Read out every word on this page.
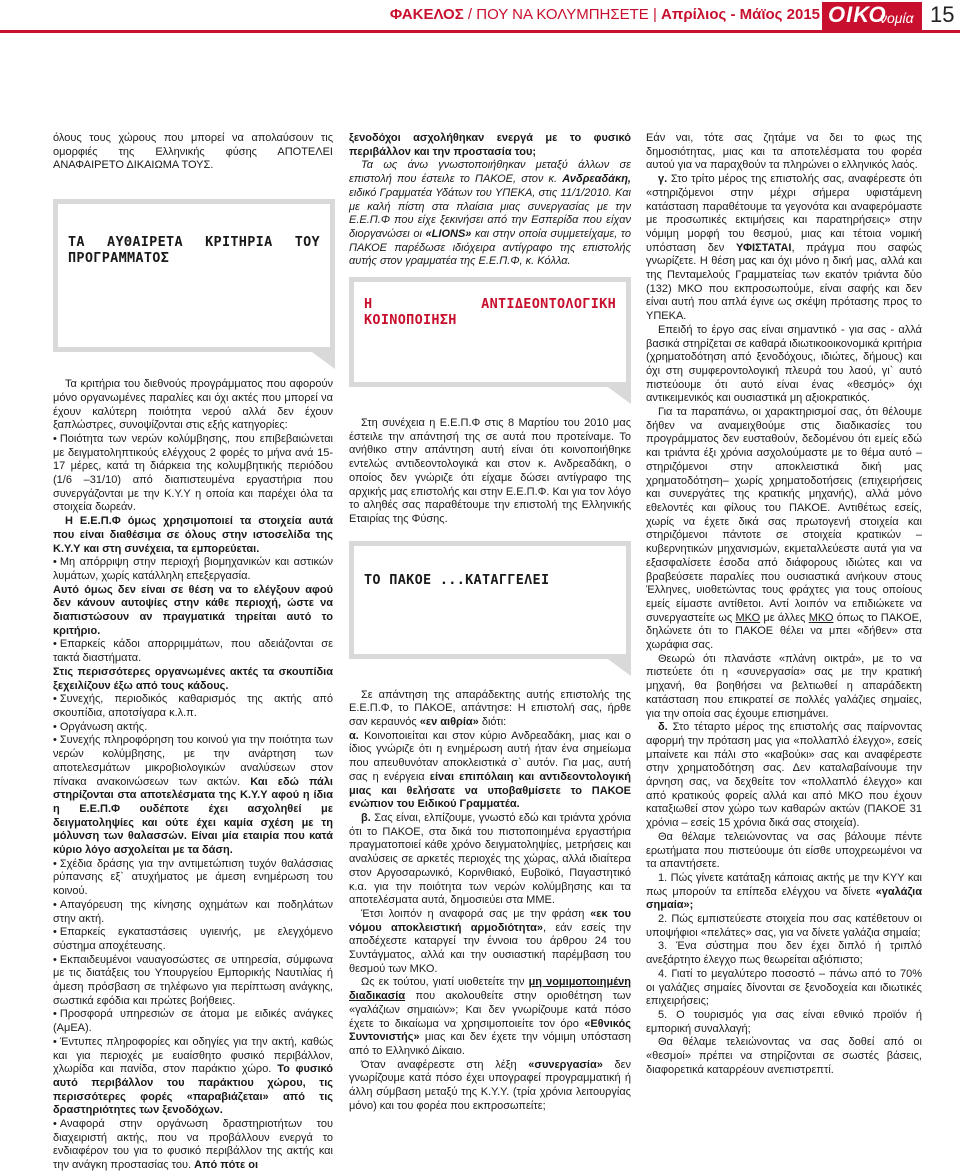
ΦΑΚΕΛΟΣ / ΠΟΥ ΝΑ ΚΟΛΥΜΠΗΣΕΤΕ | Απρίλιος - Μάϊος 2015 ΟΙΚΟ
νομία 15

όλους τους χώρους που μπορεί να απολαύσουν τις ομορφιές της Ελληνικής φύσης ΑΠΟΤΕΛΕΙ ΑΝΑΦΑΙΡΕΤΟ ΔΙΚΑΙΩΜΑ ΤΟΥΣ.

ΤΑ ΑΥΘΑΙΡΕΤΑ ΚΡΙΤΗΡΙΑ ΤΟΥ ΠΡΟΓΡΑΜΜΑΤΟΣ

Τα κριτήρια του διεθνούς προγράμματος που αφορούν μόνο οργανωμένες παραλίες και όχι ακτές που μπορεί να έχουν καλύτερη ποιότητα νερού αλλά δεν έχουν ξαπλώστρες, συνοψίζονται στις εξής κατηγορίες:

• Ποιότητα των νερών κολύμβησης, που επιβεβαιώνεται με δειγματοληπτικούς ελέγχους 2 φορές το μήνα ανά 15-17 μέρες, κατά τη διάρκεια της κολυμβητικής περιόδου (1/6 –31/10) από διαπιστευμένα εργαστήρια που συνεργάζονται με την Κ.Υ.Υ η οποία και παρέχει όλα τα στοιχεία δωρεάν.

Η Ε.Ε.Π.Φ όμως χρησιμοποιεί τα στοιχεία αυτά που είναι διαθέσιμα σε όλους στην ιστοσελίδα της Κ.Υ.Υ και στη συνέχεια, τα εμπορεύεται.

• Μη απόρριψη στην περιοχή βιομηχανικών και αστικών λυμάτων, χωρίς κατάλληλη επεξεργασία.

Αυτό όμως δεν είναι σε θέση να το ελέγξουν αφού δεν κάνουν αυτοψίες στην κάθε περιοχή, ώστε να διαπιστώσουν αν πραγματικά τηρείται αυτό το κριτήριο.

• Επαρκείς κάδοι απορριμμάτων, που αδειάζονται σε τακτά διαστήματα.

Στις περισσότερες οργανωμένες ακτές τα σκουπίδια ξεχειλίζουν έξω από τους κάδους.

• Συνεχής, περιοδικός καθαρισμός της ακτής από σκουπίδια, αποτσίγαρα κ.λ.π.

• Οργάνωση ακτής.

• Συνεχής πληροφόρηση του κοινού για την ποιότητα των νερών κολύμβησης, με την ανάρτηση των αποτελεσμάτων μικροβιολογικών αναλύσεων στον πίνακα ανακοινώσεων των ακτών. Και εδώ πάλι στηρίζονται στα αποτελέσματα της Κ.Υ.Υ αφού η ίδια η Ε.Ε.Π.Φ ουδέποτε έχει ασχοληθεί με δειγματοληψίες και ούτε έχει καμία σχέση με τη μόλυνση των θαλασσών. Είναι μία εταιρία που κατά κύριο λόγο ασχολείται με τα δάση.

• Σχέδια δράσης για την αντιμετώπιση τυχόν θαλάσσιας ρύπανσης εξ` ατυχήματος με άμεση ενημέρωση του κοινού.

• Απαγόρευση της κίνησης οχημάτων και ποδηλάτων στην ακτή.

• Επαρκείς εγκαταστάσεις υγιεινής, με ελεγχόμενο σύστημα αποχέτευσης.

• Εκπαιδευμένοι ναυαγοσώστες σε υπηρεσία, σύμφωνα με τις διατάξεις του Υπουργείου Εμπορικής Ναυτιλίας ή άμεση πρόσβαση σε τηλέφωνο για περίπτωση ανάγκης, σωστικά εφόδια και πρώτες βοήθειες.

• Προσφορά υπηρεσιών σε άτομα με ειδικές ανάγκες (ΑμΕΑ).

• Έντυπες πληροφορίες και οδηγίες για την ακτή, καθώς και για περιοχές με ευαίσθητο φυσικό περιβάλλον, χλωρίδα και πανίδα, στον παράκτιο χώρο. Το φυσικό αυτό περιβάλλον του παράκτιου χώρου, τις περισσότερες φορές «παραβιάζεται» από τις δραστηριότητες των ξενοδόχων.

• Αναφορά στην οργάνωση δραστηριοτήτων του διαχειριστή ακτής, που να προβάλλουν ενεργά το ενδιαφέρον του για το φυσικό περιβάλλον της ακτής και την ανάγκη προστασίας του. Από πότε οι

ξενοδόχοι ασχολήθηκαν ενεργά με το φυσικό περιβάλλον και την προστασία του;

Τα ως άνω γνωστοποιήθηκαν μεταξύ άλλων σε επιστολή που έστειλε το ΠΑΚΟΕ, στον κ. Ανδρεαδάκη, ειδικό Γραμματέα Υδάτων του ΥΠΕΚΑ, στις 11/1/2010. Και με καλή πίστη στα πλαίσια μιας συνεργασίας με την Ε.Ε.Π.Φ που είχε ξεκινήσει από την Εσπερίδα που είχαν διοργανώσει οι «LIONS» και στην οποία συμμετείχαμε, το ΠΑΚΟΕ παρέδωσε ιδιόχειρα αντίγραφο της επιστολής αυτής στον γραμματέα της Ε.Ε.Π.Φ, κ. Κόλλα.

Η ΑΝΤΙΔΕΟΝΤΟΛΟΓΙΚΗ ΚΟΙΝΟΠΟΙΗΣΗ

Στη συνέχεια η Ε.Ε.Π.Φ στις 8 Μαρτίου του 2010 μας έστειλε την απάντησή της σε αυτά που προτείναμε. Το ανήθικο στην απάντηση αυτή είναι ότι κοινοποιήθηκε εντελώς αντιδεοντολογικά και στον κ. Ανδρεαδάκη, ο οποίος δεν γνώριζε ότι είχαμε δώσει αντίγραφο της αρχικής μας επιστολής και στην Ε.Ε.Π.Φ. Και για τον λόγο το αληθές σας παραθέτουμε την επιστολή της Ελληνικής Εταιρίας της Φύσης.

ΤΟ ΠΑΚΟΕ ...ΚΑΤΑΓΓΕΛΕΙ

Σε απάντηση της απαράδεκτης αυτής επιστολής της Ε.Ε.Π.Φ, το ΠΑΚΟΕ, απάντησε: Η επιστολή σας, ήρθε σαν κεραυνός «εν αιθρία» διότι:

α. Κοινοποιείται και στον κύριο Ανδρεαδάκη, μιας και ο ίδιος γνώριζε ότι η ενημέρωση αυτή ήταν ένα σημείωμα που απευθυνόταν αποκλειστικά σ` αυτόν. Για μας, αυτή σας η ενέργεια είναι επιπόλαιη και αντιδεοντολογική μιας και θελήσατε να υποβαθμίσετε το ΠΑΚΟΕ ενώπιον του Ειδικού Γραμματέα.

β. Σας είναι, ελπίζουμε, γνωστό εδώ και τριάντα χρόνια ότι το ΠΑΚΟΕ, στα δικά του πιστοποιημένα εργαστήρια πραγματοποιεί κάθε χρόνο δειγματοληψίες, μετρήσεις και αναλύσεις σε αρκετές περιοχές της χώρας, αλλά ιδιαίτερα στον Αργοσαρωνικό, Κορινθιακό, Ευβοϊκό, Παγαστητικό κ.α. για την ποιότητα των νερών κολύμβησης και τα αποτελέσματα αυτά, δημοσιεύει στα ΜΜΕ.

Έτσι λοιπόν η αναφορά σας με την φράση «εκ του νόμου αποκλειστική αρμοδιότητα», εάν εσείς την αποδέχεστε καταργεί την έννοια του άρθρου 24 του Συντάγματος, αλλά και την ουσιαστική παρέμβαση του θεσμού των ΜΚΟ.

Ως εκ τούτου, γιατί υιοθετείτε την μη νομιμοποιημένη διαδικασία που ακολουθείτε στην οριοθέτηση των «γαλάζιων σημαιών»; Και δεν γνωρίζουμε κατά πόσο έχετε το δικαίωμα να χρησιμοποιείτε τον όρο «Εθνικός Συντονιστής» μιας και δεν έχετε την νόμιμη υπόσταση από το Ελληνικό Δίκαιο.

Όταν αναφέρεστε στη λέξη «συνεργασία» δεν γνωρίζουμε κατά πόσο έχει υπογραφεί προγραμματική ή άλλη σύμβαση μεταξύ της Κ.Υ.Υ. (τρία χρόνια λειτουργίας μόνο) και του φορέα που εκπροσωπείτε;

Εάν ναι, τότε σας ζητάμε να δει το φως της δημοσιότητας, μιας και τα αποτελέσματα του φορέα αυτού για να παραχθούν τα πληρώνει ο ελληνικός λαός.

γ. Στο τρίτο μέρος της επιστολής σας, αναφέρεστε ότι «στηριζόμενοι στην μέχρι σήμερα υφιστάμενη κατάσταση παραθέτουμε τα γεγονότα και αναφερόμαστε με προσωπικές εκτιμήσεις και παρατηρήσεις» στην νόμιμη μορφή του θεσμού, μιας και τέτοια νομική υπόσταση δεν ΥΦΙΣΤΑΤΑΙ, πράγμα που σαφώς γνωρίζετε. Η θέση μας και όχι μόνο η δική μας, αλλά και της Πενταμελούς Γραμματείας των εκατόν τριάντα δύο (132) ΜΚΟ που εκπροσωπούμε, είναι σαφής και δεν είναι αυτή που απλά έγινε ως σκέψη πρότασης προς το ΥΠΕΚΑ.

Επειδή το έργο σας είναι σημαντικό - για σας - αλλά βασικά στηρίζεται σε καθαρά ιδιωτικοοικονομικά κριτήρια (χρηματοδότηση από ξενοδόχους, ιδιώτες, δήμους) και όχι στη συμφεροντολογική πλευρά του λαού, γι` αυτό πιστεύουμε ότι αυτό είναι ένας «θεσμός» όχι αντικειμενικός και ουσιαστικά μη αξιοκρατικός.

Για τα παραπάνω, οι χαρακτηρισμοί σας, ότι θέλουμε δήθεν να αναμειχθούμε στις διαδικασίες του προγράμματος δεν ευσταθούν, δεδομένου ότι εμείς εδώ και τριάντα έξι χρόνια ασχολούμαστε με το θέμα αυτό –στηριζόμενοι στην αποκλειστικά δική μας χρηματοδότηση– χωρίς χρηματοδοτήσεις (επιχειρήσεις και συνεργάτες της κρατικής μηχανής), αλλά μόνο εθελοντές και φίλους του ΠΑΚΟΕ. Αντιθέτως εσείς, χωρίς να έχετε δικά σας πρωτογενή στοιχεία και στηριζόμενοι πάντοτε σε στοιχεία κρατικών – κυβερνητικών μηχανισμών, εκμεταλλεύεστε αυτά για να εξασφαλίσετε έσοδα από διάφορους ιδιώτες και να βραβεύσετε παραλίες που ουσιαστικά ανήκουν στους Έλληνες, υιοθετώντας τους φράχτες για τους οποίους εμείς είμαστε αντίθετοι. Αντί λοιπόν να επιδιώκετε να συνεργαστείτε ως ΜΚΟ με άλλες ΜΚΟ όπως το ΠΑΚΟΕ, δηλώνετε ότι το ΠΑΚΟΕ θέλει να μπει «δήθεν» στα χωράφια σας.

Θεωρώ ότι πλανάστε «πλάνη οικτρά», με το να πιστεύετε ότι η «συνεργασία» σας με την κρατική μηχανή, θα βοηθήσει να βελτιωθεί η απαράδεκτη κατάσταση που επικρατεί σε πολλές γαλάζιες σημαίες, για την οποία σας έχουμε επισημάνει.

δ. Στο τέταρτο μέρος της επιστολής σας παίρνοντας αφορμή την πρόταση μας για «πολλαπλό έλεγχο», εσείς μπαίνετε και πάλι στο «καβούκι» σας και αναφέρεστε στην χρηματοδότηση σας. Δεν καταλαβαίνουμε την άρνηση σας, να δεχθείτε τον «πολλαπλό έλεγχο» και από κρατικούς φορείς αλλά και από ΜΚΟ που έχουν καταξιωθεί στον χώρο των καθαρών ακτών (ΠΑΚΟΕ 31 χρόνια – εσείς 15 χρόνια δικά σας στοιχεία).

Θα θέλαμε τελειώνοντας να σας βάλουμε πέντε ερωτήματα που πιστεύουμε ότι είσθε υποχρεωμένοι να τα απαντήσετε.

1. Πώς γίνετε κατάταξη κάποιας ακτής με την ΚΥΥ και πως μπορούν τα επίπεδα ελέγχου να δίνετε «γαλάζια σημαία»;

2. Πώς εμπιστεύεστε στοιχεία που σας κατέθετουν οι υποψήφιοι «πελάτες» σας, για να δίνετε γαλάζια σημαία;

3. Ένα σύστημα που δεν έχει διπλό ή τριπλό ανεξάρτητο έλεγχο πως θεωρείται αξιόπιστο;

4. Γιατί το μεγαλύτερο ποσοστό – πάνω από το 70% οι γαλάζιες σημαίες δίνονται σε ξενοδοχεία και ιδιωτικές επιχειρήσεις;

5. Ο τουρισμός για σας είναι εθνικό προϊόν ή εμπορική συναλλαγή;

Θα θέλαμε τελειώνοντας να σας δοθεί από οι «θεσμοί» πρέπει να στηρίζονται σε σωστές βάσεις, διαφορετικά καταρρέουν ανεπιστρεπτί.
